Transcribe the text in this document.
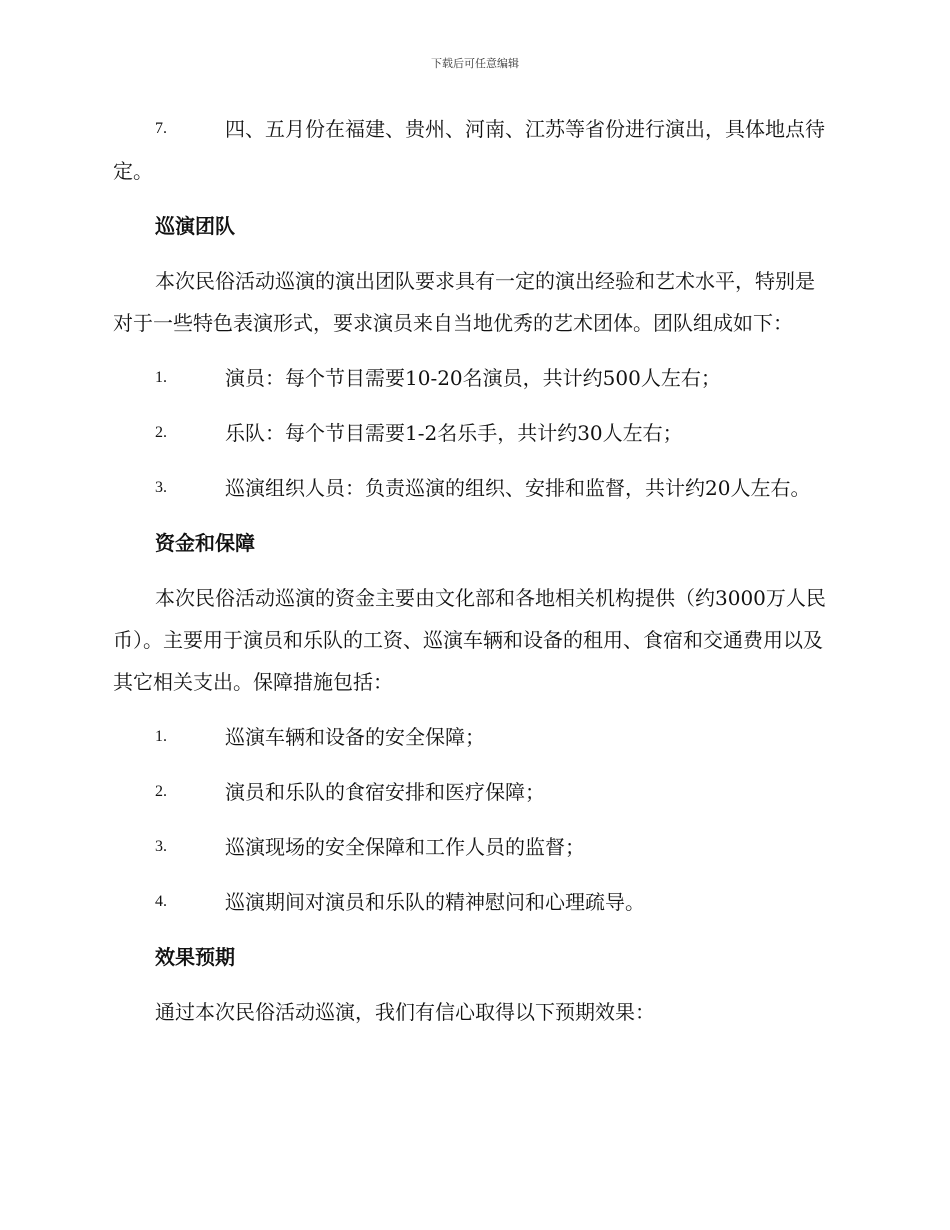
下载后可任意编辑

7.	四、五月份在福建、贵州、河南、江苏等省份进行演出，具体地点待定。

巡演团队

本次民俗活动巡演的演出团队要求具有一定的演出经验和艺术水平，特别是对于一些特色表演形式，要求演员来自当地优秀的艺术团体。团队组成如下：

1.	演员：每个节目需要10-20名演员，共计约500人左右；

2.	乐队：每个节目需要1-2名乐手，共计约30人左右；

3.	巡演组织人员：负责巡演的组织、安排和监督，共计约20人左右。

资金和保障

本次民俗活动巡演的资金主要由文化部和各地相关机构提供（约3000万人民币）。主要用于演员和乐队的工资、巡演车辆和设备的租用、食宿和交通费用以及其它相关支出。保障措施包括：

1.	巡演车辆和设备的安全保障；

2.	演员和乐队的食宿安排和医疗保障；

3.	巡演现场的安全保障和工作人员的监督；

4.	巡演期间对演员和乐队的精神慰问和心理疏导。

效果预期

通过本次民俗活动巡演，我们有信心取得以下预期效果：
